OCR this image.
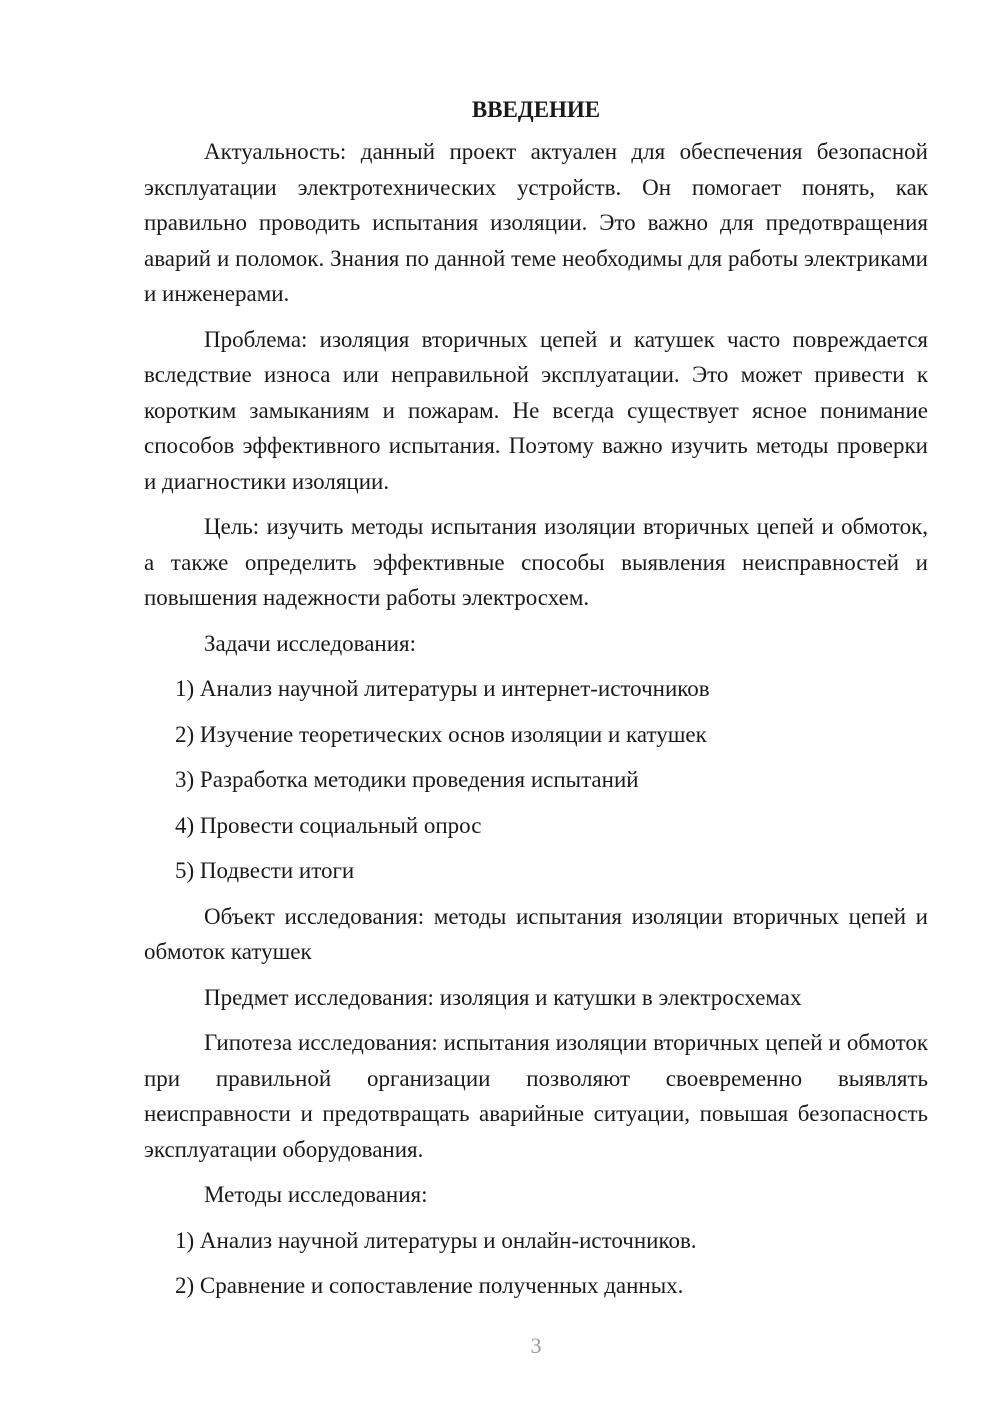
ВВЕДЕНИЕ

Актуальность: данный проект актуален для обеспечения безопасной эксплуатации электротехнических устройств. Он помогает понять, как правильно проводить испытания изоляции. Это важно для предотвращения аварий и поломок. Знания по данной теме необходимы для работы электриками и инженерами.

Проблема: изоляция вторичных цепей и катушек часто повреждается вследствие износа или неправильной эксплуатации. Это может привести к коротким замыканиям и пожарам. Не всегда существует ясное понимание способов эффективного испытания. Поэтому важно изучить методы проверки и диагностики изоляции.

Цель: изучить методы испытания изоляции вторичных цепей и обмоток, а также определить эффективные способы выявления неисправностей и повышения надежности работы электросхем.

Задачи исследования:

1) Анализ научной литературы и интернет-источников
2) Изучение теоретических основ изоляции и катушек
3) Разработка методики проведения испытаний
4) Провести социальный опрос
5) Подвести итоги

Объект исследования: методы испытания изоляции вторичных цепей и обмоток катушек

Предмет исследования: изоляция и катушки в электросхемах

Гипотеза исследования: испытания изоляции вторичных цепей и обмоток при правильной организации позволяют своевременно выявлять неисправности и предотвращать аварийные ситуации, повышая безопасность эксплуатации оборудования.

Методы исследования:

1) Анализ научной литературы и онлайн-источников.
2) Сравнение и сопоставление полученных данных.
3
